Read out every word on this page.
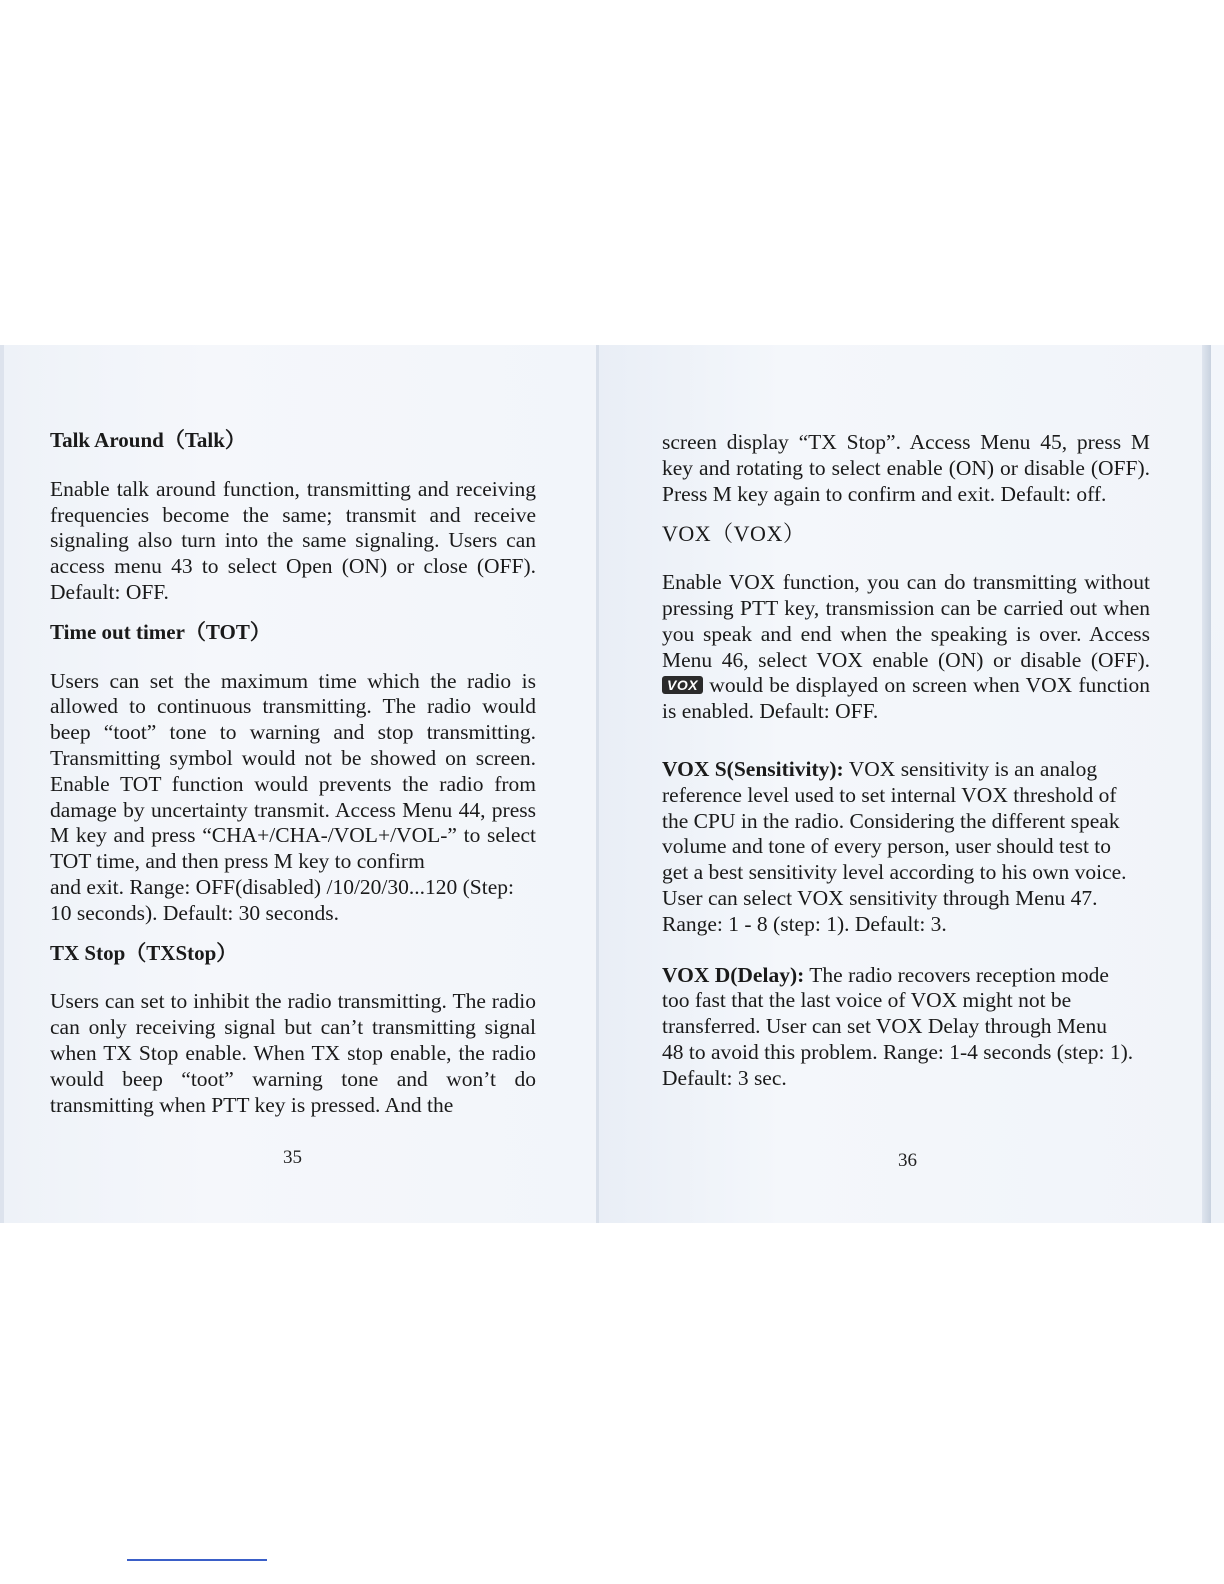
Talk Around（Talk）

Enable talk around function, transmitting and receiving frequencies become the same; transmit and receive signaling also turn into the same signaling. Users can access menu 43 to select Open (ON) or close (OFF). Default: OFF.

Time out timer（TOT）

Users can set the maximum time which the radio is allowed to continuous transmitting. The radio would beep “toot” tone to warning and stop transmitting. Transmitting symbol would not be showed on screen. Enable TOT function would prevents the radio from damage by uncertainty transmit. Access Menu 44, press M key and press “CHA+/CHA-/VOL+/VOL-” to select TOT time, and then press M key to confirm

and exit. Range: OFF(disabled) /10/20/30...120 (Step:
10 seconds). Default: 30 seconds.

TX Stop（TXStop）

Users can set to inhibit the radio transmitting. The radio can only receiving signal but can’t transmitting signal when TX Stop enable. When TX stop enable, the radio would beep “toot” warning tone and won’t do transmitting when PTT key is pressed. And the

35

screen display “TX Stop”. Access Menu 45, press M key and rotating to select enable (ON) or disable (OFF). Press M key again to confirm and exit. Default: off.

VOX（VOX）

Enable VOX function, you can do transmitting without pressing PTT key, transmission can be carried out when you speak and end when the speaking is over. Access Menu 46, select VOX enable (ON) or disable (OFF). VOX would be displayed on screen when VOX function is enabled. Default: OFF.

VOX S(Sensitivity): VOX sensitivity is an analog
reference level used to set internal VOX threshold of
the CPU in the radio. Considering the different speak
volume and tone of every person, user should test to
get a best sensitivity level according to his own voice.
User can select VOX sensitivity through Menu 47.
Range: 1 - 8 (step: 1). Default: 3.

VOX D(Delay): The radio recovers reception mode
too fast that the last voice of VOX might not be
transferred. User can set VOX Delay through Menu
48 to avoid this problem. Range: 1-4 seconds (step: 1).
Default: 3 sec.

36
